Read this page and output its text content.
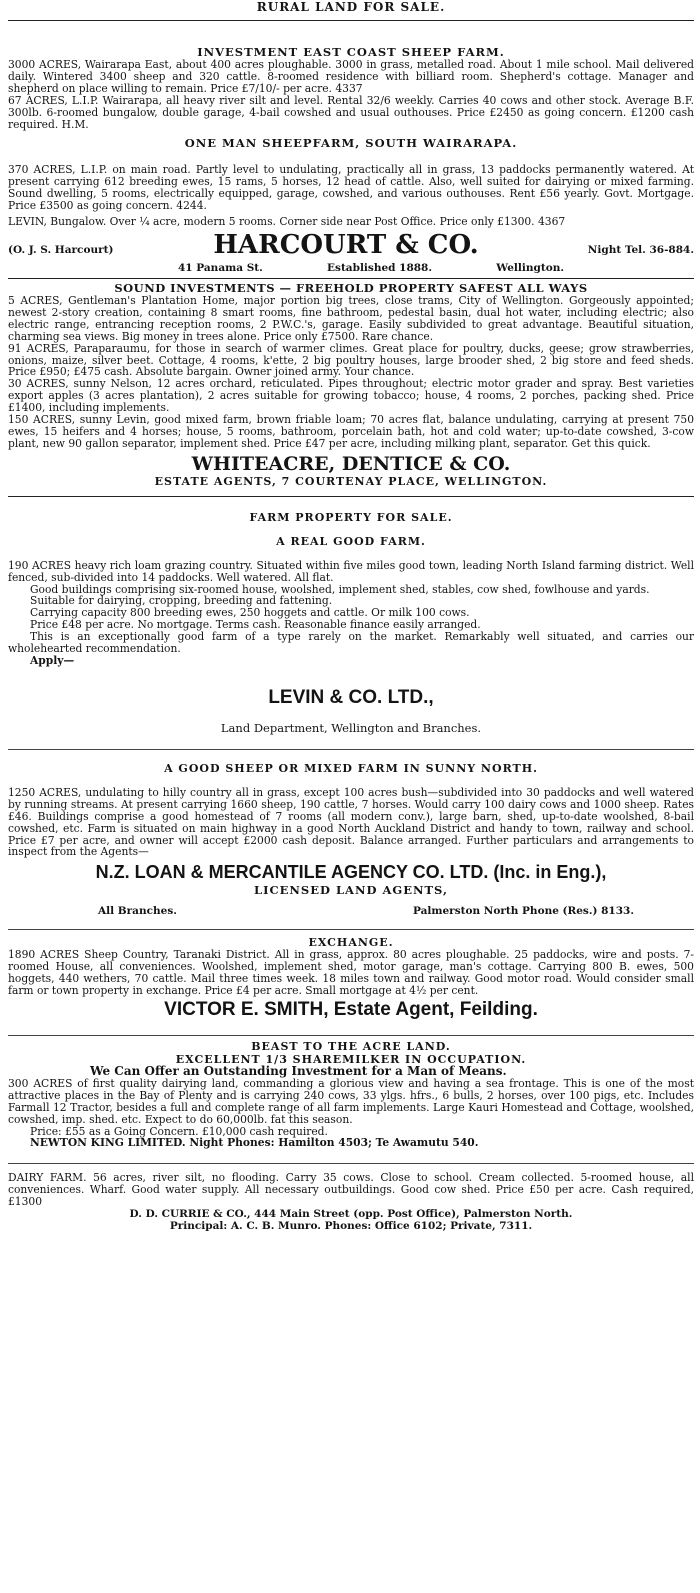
RURAL LAND FOR SALE.
INVESTMENT EAST COAST SHEEP FARM.

3000 ACRES, Wairarapa East, about 400 acres ploughable. 3000 in grass, metalled road. About 1 mile school. Mail delivered daily. Wintered 3400 sheep and 320 cattle. 8-roomed residence with billiard room. Shepherd's cottage. Manager and shepherd on place willing to remain. Price £7/10/- per acre. 4337

67 ACRES, L.I.P. Wairarapa, all heavy river silt and level. Rental 32/6 weekly. Carries 40 cows and other stock. Average B.F. 300lb. 6-roomed bungalow, double garage, 4-bail cowshed and usual outhouses. Price £2450 as going concern. £1200 cash required. H.M.

ONE MAN SHEEPFARM, SOUTH WAIRARAPA.

370 ACRES, L.I.P. on main road. Partly level to undulating, practically all in grass, 13 paddocks permanently watered. At present carrying 612 breeding ewes, 15 rams, 5 horses, 12 head of cattle. Also, well suited for dairying or mixed farming. Sound dwelling, 5 rooms, electrically equipped, garage, cowshed, and various outhouses. Rent £56 yearly. Govt. Mortgage. Price £3500 as going concern. 4244.

LEVIN, Bungalow. Over ¼ acre, modern 5 rooms. Corner side near Post Office. Price only £1300. 4367

(O. J. S. Harcourt)	HARCOURT & CO.	Night Tel. 36-884.
41 Panama St.	Established 1888.	Wellington.
SOUND INVESTMENTS — FREEHOLD PROPERTY SAFEST ALL WAYS

5 ACRES, Gentleman's Plantation Home, major portion big trees, close trams, City of Wellington. Gorgeously appointed; newest 2-story creation, containing 8 smart rooms, fine bathroom, pedestal basin, dual hot water, including electric; also electric range, entrancing reception rooms, 2 P.W.C.'s, garage. Easily subdivided to great advantage. Beautiful situation, charming sea views. Big money in trees alone. Price only £7500. Rare chance.

91 ACRES, Paraparaumu, for those in search of warmer climes. Great place for poultry, ducks, geese; grow strawberries, onions, maize, silver beet. Cottage, 4 rooms, k'ette, 2 big poultry houses, large brooder shed, 2 big store and feed sheds. Price £950; £475 cash. Absolute bargain. Owner joined army. Your chance.

30 ACRES, sunny Nelson, 12 acres orchard, reticulated. Pipes throughout; electric motor grader and spray. Best varieties export apples (3 acres plantation), 2 acres suitable for growing tobacco; house, 4 rooms, 2 porches, packing shed. Price £1400, including implements.

150 ACRES, sunny Levin, good mixed farm, brown friable loam; 70 acres flat, balance undulating, carrying at present 750 ewes, 15 heifers and 4 horses; house, 5 rooms, bathroom, porcelain bath, hot and cold water; up-to-date cowshed, 3-cow plant, new 90 gallon separator, implement shed. Price £47 per acre, including milking plant, separator. Get this quick.

WHITEACRE, DENTICE & CO.
ESTATE AGENTS, 7 COURTENAY PLACE, WELLINGTON.
FARM PROPERTY FOR SALE.
A REAL GOOD FARM.

190 ACRES heavy rich loam grazing country. Situated within five miles good town, leading North Island farming district. Well fenced, sub-divided into 14 paddocks. Well watered. All flat.

Good buildings comprising six-roomed house, woolshed, implement shed, stables, cow shed, fowlhouse and yards.

Suitable for dairying, cropping, breeding and fattening.

Carrying capacity 800 breeding ewes, 250 hoggets and cattle. Or milk 100 cows.

Price £48 per acre. No mortgage. Terms cash. Reasonable finance easily arranged.

This is an exceptionally good farm of a type rarely on the market. Remarkably well situated, and carries our wholehearted recommendation.

Apply—

LEVIN & CO. LTD.,
Land Department, Wellington and Branches.
A GOOD SHEEP OR MIXED FARM IN SUNNY NORTH.

1250 ACRES, undulating to hilly country all in grass, except 100 acres bush—subdivided into 30 paddocks and well watered by running streams. At present carrying 1660 sheep, 190 cattle, 7 horses. Would carry 100 dairy cows and 1000 sheep. Rates £46. Buildings comprise a good homestead of 7 rooms (all modern conv.), large barn, shed, up-to-date woolshed, 8-bail cowshed, etc. Farm is situated on main highway in a good North Auckland District and handy to town, railway and school. Price £7 per acre, and owner will accept £2000 cash deposit. Balance arranged. Further particulars and arrangements to inspect from the Agents—

N.Z. LOAN & MERCANTILE AGENCY CO. LTD. (Inc. in Eng.),
LICENSED LAND AGENTS,
All Branches.	Palmerston North Phone (Res.) 8133.
EXCHANGE.

1890 ACRES Sheep Country, Taranaki District. All in grass, approx. 80 acres ploughable. 25 paddocks, wire and posts. 7-roomed House, all conveniences. Woolshed, implement shed, motor garage, man's cottage. Carrying 800 B. ewes, 500 hoggets, 440 wethers, 70 cattle. Mail three times week. 18 miles town and railway. Good motor road. Would consider small farm or town property in exchange. Price £4 per acre. Small mortgage at 4½ per cent.

VICTOR E. SMITH, Estate Agent, Feilding.
BEAST TO THE ACRE LAND.
EXCELLENT 1/3 SHAREMILKER IN OCCUPATION.

We Can Offer an Outstanding Investment for a Man of Means.

300 ACRES of first quality dairying land, commanding a glorious view and having a sea frontage. This is one of the most attractive places in the Bay of Plenty and is carrying 240 cows, 33 ylgs. hfrs., 6 bulls, 2 horses, over 100 pigs, etc. Includes Farmall 12 Tractor, besides a full and complete range of all farm implements. Large Kauri Homestead and Cottage, woolshed, cowshed, imp. shed. etc. Expect to do 60,000lb. fat this season.

Price: £55 as a Going Concern. £10,000 cash required.

NEWTON KING LIMITED. Night Phones: Hamilton 4503; Te Awamutu 540.

DAIRY FARM. 56 acres, river silt, no flooding. Carry 35 cows. Close to school. Cream collected. 5-roomed house, all conveniences. Wharf. Good water supply. All necessary outbuildings. Good cow shed. Price £50 per acre. Cash required, £1300

D. D. CURRIE & CO., 444 Main Street (opp. Post Office), Palmerston North.
Principal: A. C. B. Munro. Phones: Office 6102; Private, 7311.
